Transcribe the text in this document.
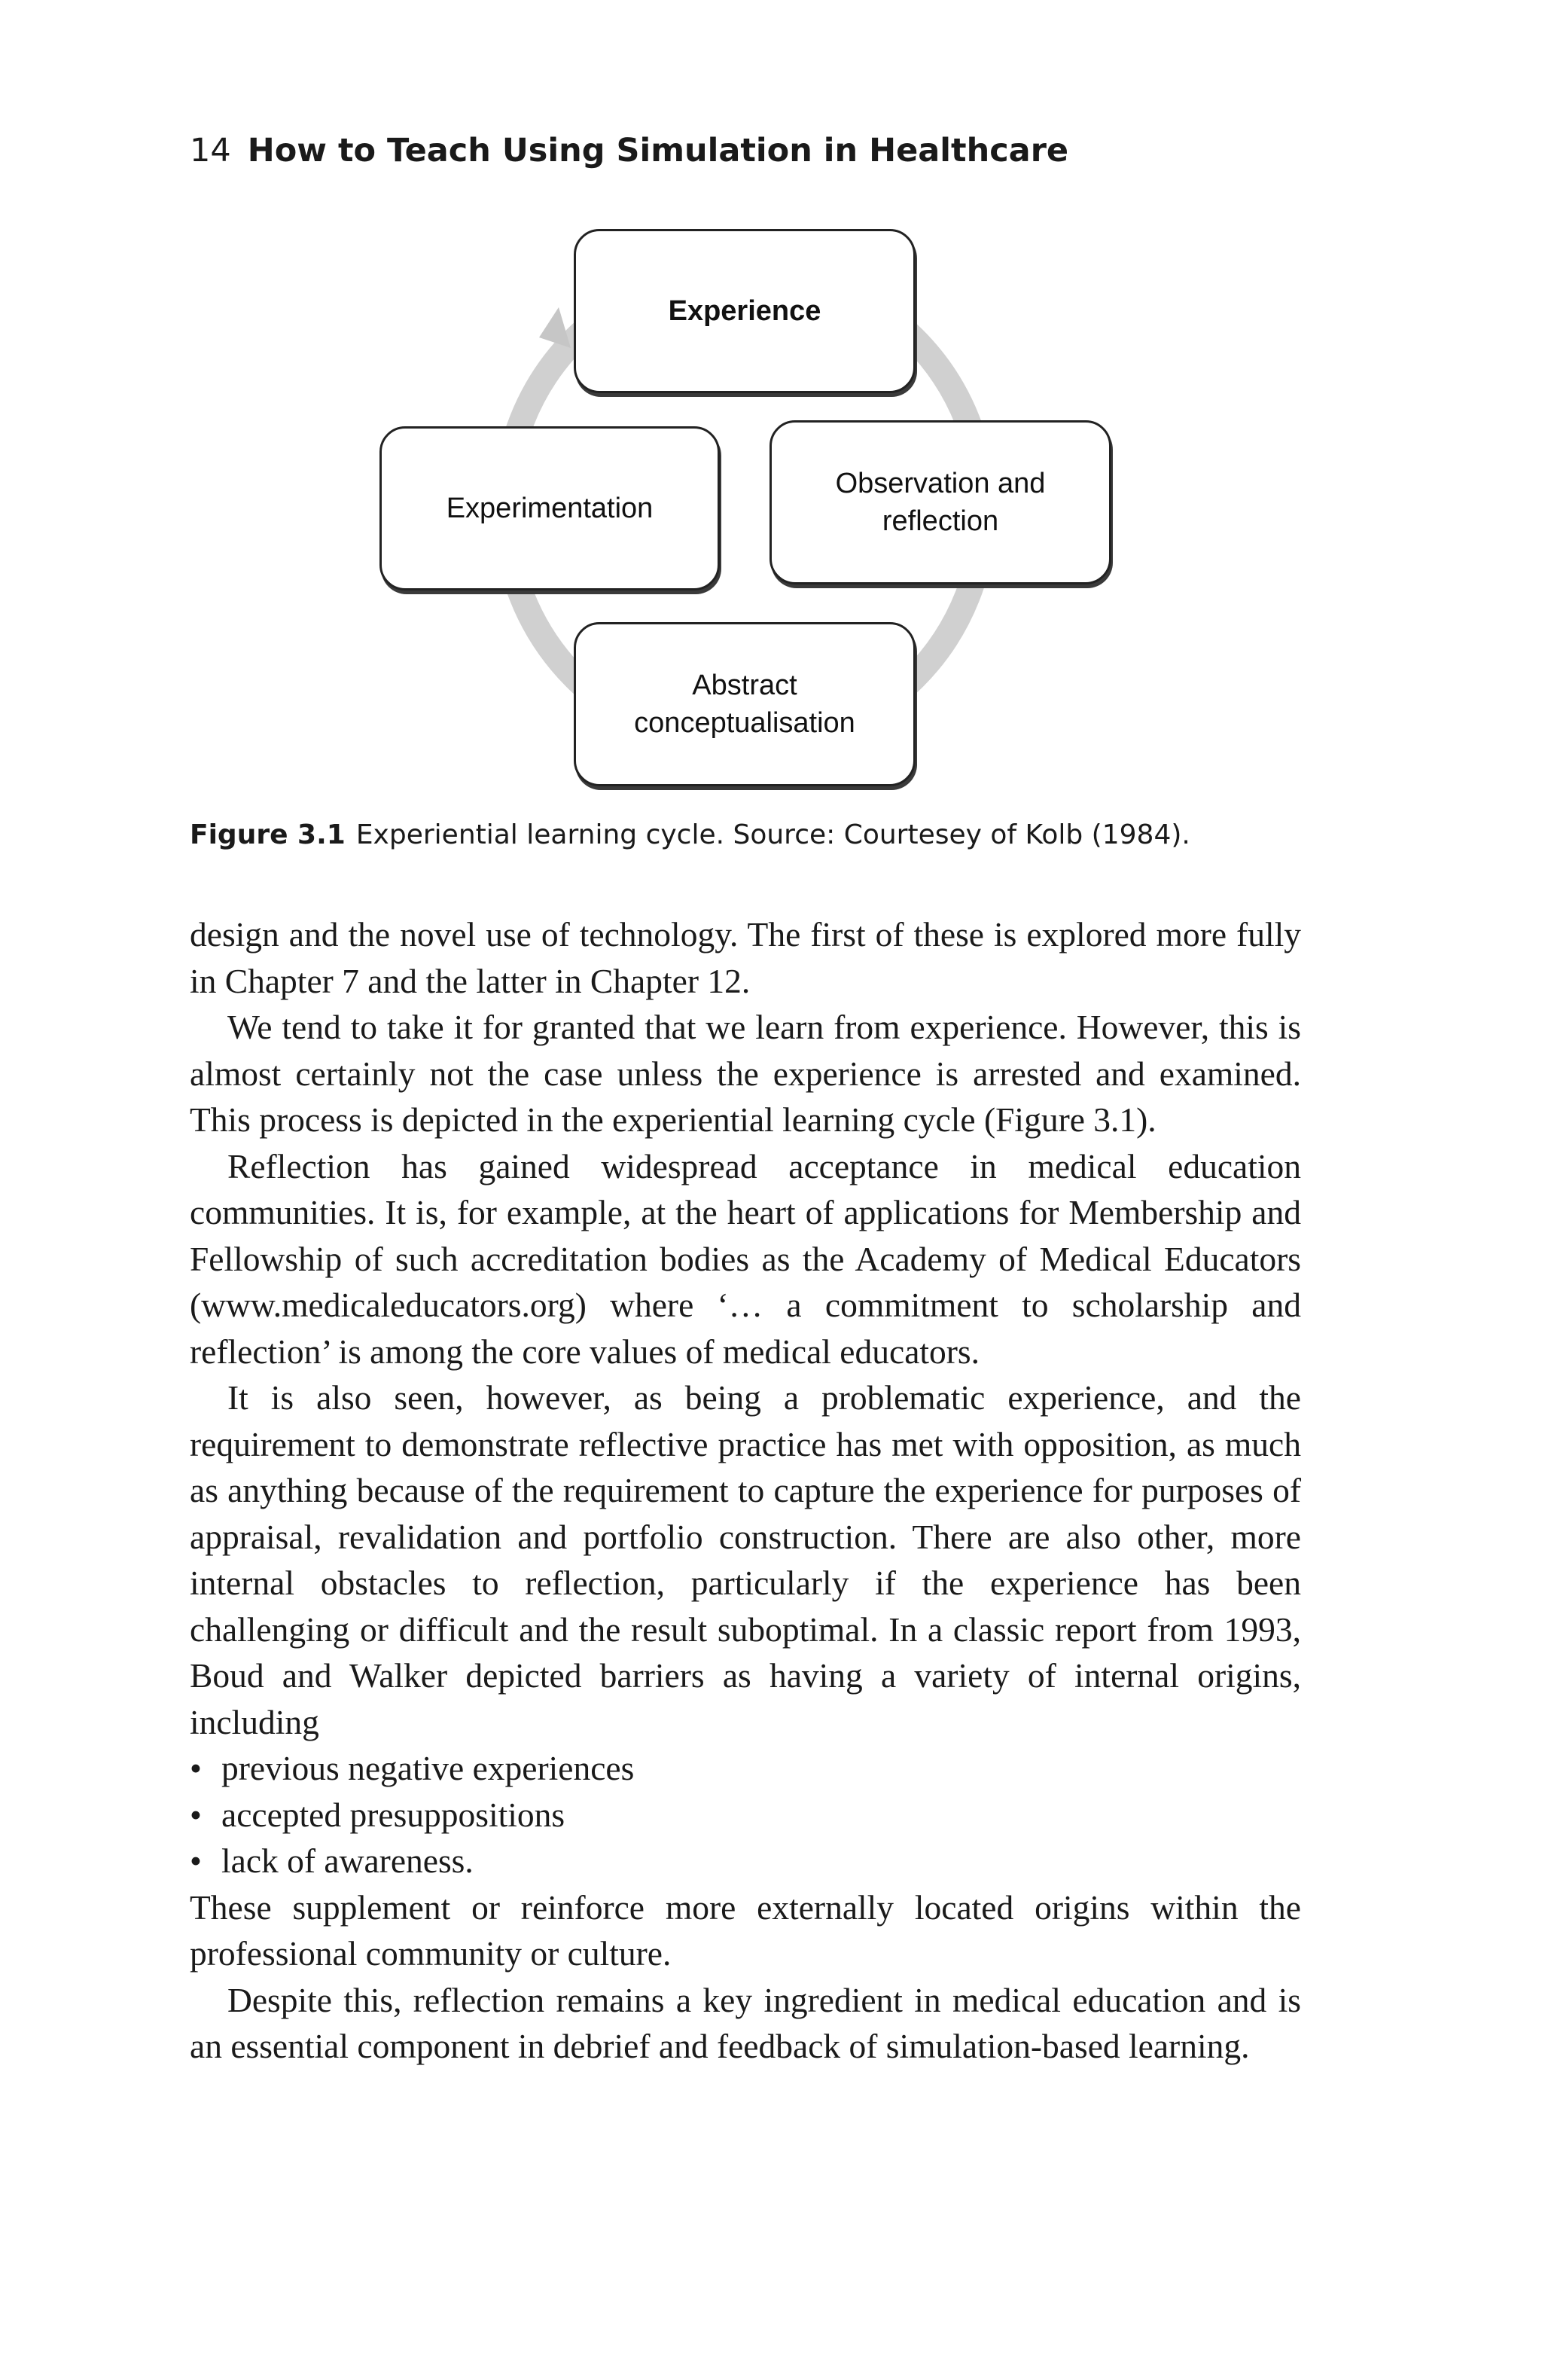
14 How to Teach Using Simulation in Healthcare
Experience
Experimentation
Observation and
reflection
Abstract
conceptualisation
Figure 3.1 Experiential learning cycle. Source: Courtesey of Kolb (1984).

design and the novel use of technology. The first of these is explored more fully in Chapter 7 and the latter in Chapter 12.

We tend to take it for granted that we learn from experience. However, this is almost certainly not the case unless the experience is arrested and examined. This process is depicted in the experiential learning cycle (Figure 3.1).

Reflection has gained widespread acceptance in medical education communities. It is, for example, at the heart of applications for Membership and Fellowship of such accreditation bodies as the Academy of Medical Educators (www.medicaleducators.org) where ‘… a commitment to scholarship and reflection’ is among the core values of medical educators.

It is also seen, however, as being a problematic experience, and the requirement to demonstrate reflective practice has met with opposition, as much as anything because of the requirement to capture the experience for purposes of appraisal, revalidation and portfolio construction. There are also other, more internal obstacles to reflection, particularly if the experience has been challenging or difficult and the result suboptimal. In a classic report from 1993, Boud and Walker depicted barriers as having a variety of internal origins, including

• previous negative experiences
• accepted presuppositions
• lack of awareness.

These supplement or reinforce more externally located origins within the professional community or culture.

Despite this, reflection remains a key ingredient in medical education and is an essential component in debrief and feedback of simulation-based learning.
